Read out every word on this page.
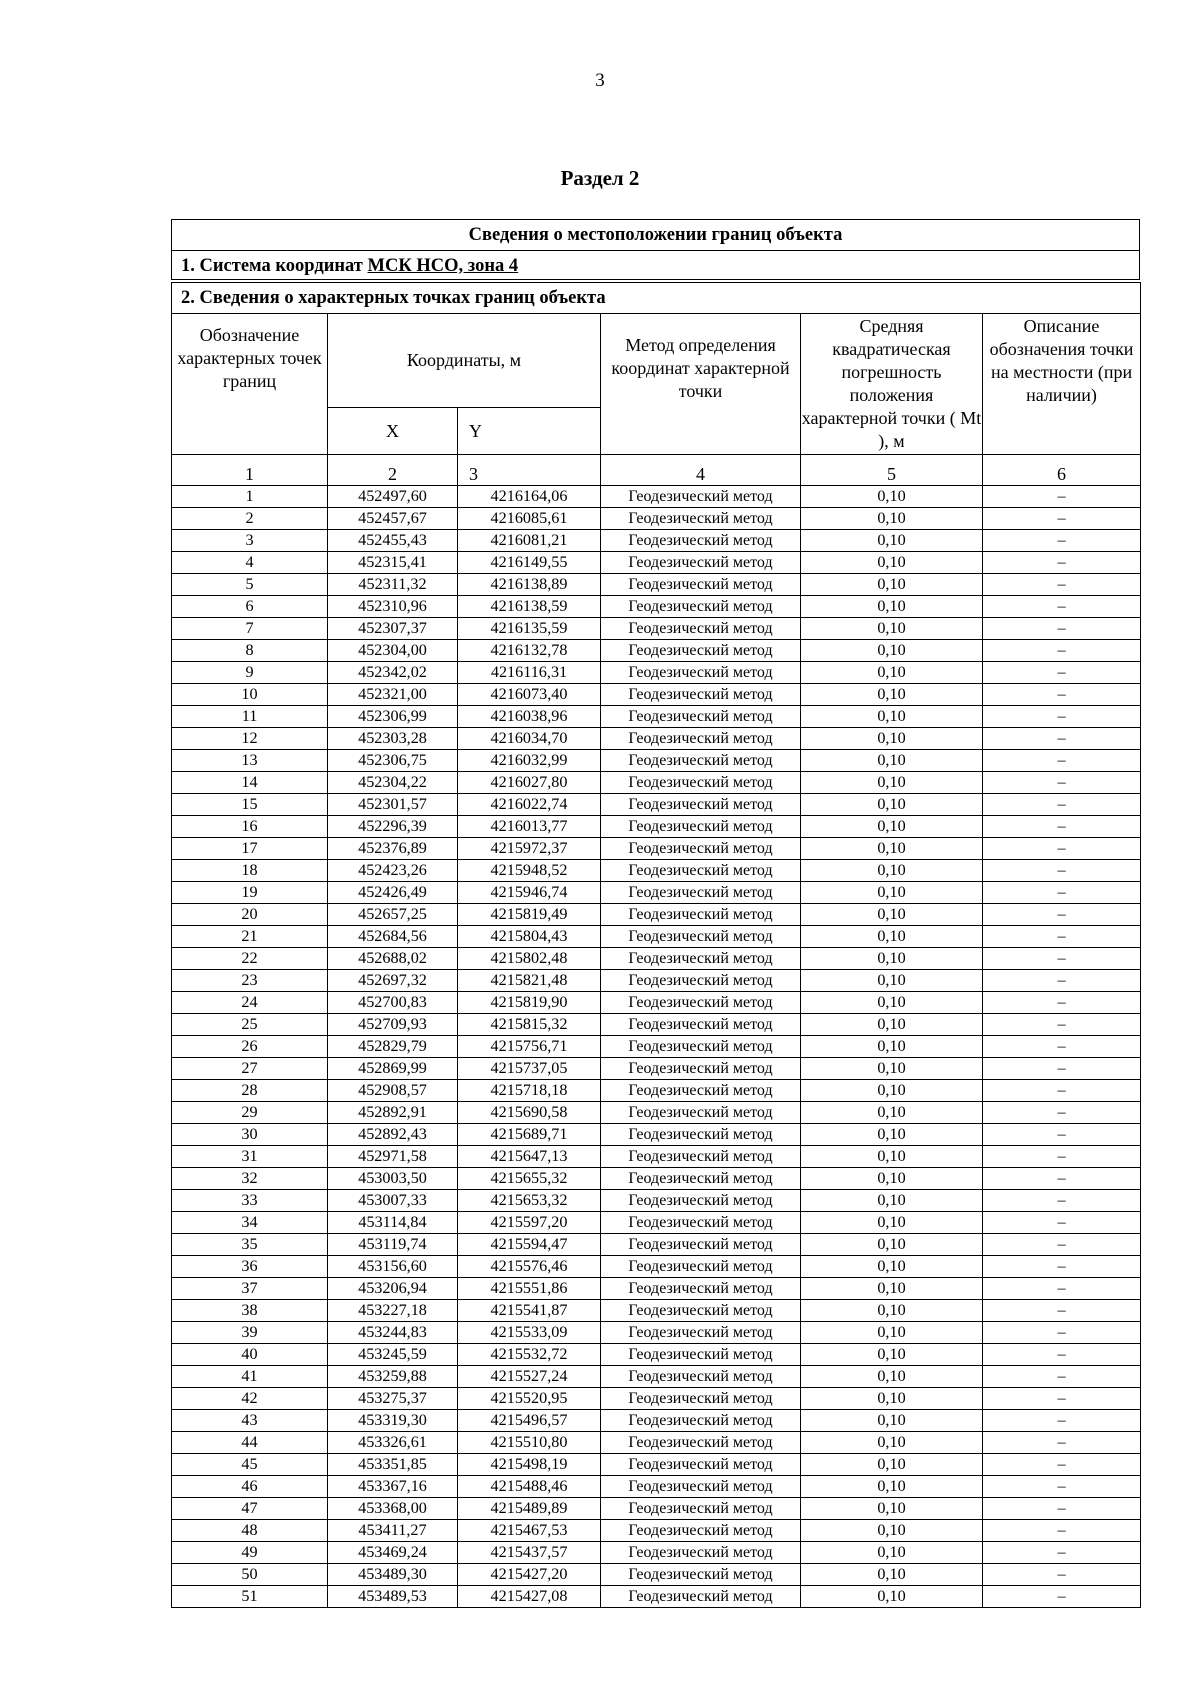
3
Раздел 2
Сведения о местоположении границ объекта
1. Система координат МСК НСО, зона 4
2. Сведения о характерных точках границ объекта					
Обозначение характерных точек границ	Координаты, м		Метод определения координат характерной точки	Средняя квадратическая погрешность положения характерной точки ( Mt ), м	Описание обозначения точки на местности (при наличии)
	X	Y			
1	2	3	4	5	6
1	452497,60	4216164,06	Геодезический метод	0,10	–
2	452457,67	4216085,61	Геодезический метод	0,10	–
3	452455,43	4216081,21	Геодезический метод	0,10	–
4	452315,41	4216149,55	Геодезический метод	0,10	–
5	452311,32	4216138,89	Геодезический метод	0,10	–
6	452310,96	4216138,59	Геодезический метод	0,10	–
7	452307,37	4216135,59	Геодезический метод	0,10	–
8	452304,00	4216132,78	Геодезический метод	0,10	–
9	452342,02	4216116,31	Геодезический метод	0,10	–
10	452321,00	4216073,40	Геодезический метод	0,10	–
11	452306,99	4216038,96	Геодезический метод	0,10	–
12	452303,28	4216034,70	Геодезический метод	0,10	–
13	452306,75	4216032,99	Геодезический метод	0,10	–
14	452304,22	4216027,80	Геодезический метод	0,10	–
15	452301,57	4216022,74	Геодезический метод	0,10	–
16	452296,39	4216013,77	Геодезический метод	0,10	–
17	452376,89	4215972,37	Геодезический метод	0,10	–
18	452423,26	4215948,52	Геодезический метод	0,10	–
19	452426,49	4215946,74	Геодезический метод	0,10	–
20	452657,25	4215819,49	Геодезический метод	0,10	–
21	452684,56	4215804,43	Геодезический метод	0,10	–
22	452688,02	4215802,48	Геодезический метод	0,10	–
23	452697,32	4215821,48	Геодезический метод	0,10	–
24	452700,83	4215819,90	Геодезический метод	0,10	–
25	452709,93	4215815,32	Геодезический метод	0,10	–
26	452829,79	4215756,71	Геодезический метод	0,10	–
27	452869,99	4215737,05	Геодезический метод	0,10	–
28	452908,57	4215718,18	Геодезический метод	0,10	–
29	452892,91	4215690,58	Геодезический метод	0,10	–
30	452892,43	4215689,71	Геодезический метод	0,10	–
31	452971,58	4215647,13	Геодезический метод	0,10	–
32	453003,50	4215655,32	Геодезический метод	0,10	–
33	453007,33	4215653,32	Геодезический метод	0,10	–
34	453114,84	4215597,20	Геодезический метод	0,10	–
35	453119,74	4215594,47	Геодезический метод	0,10	–
36	453156,60	4215576,46	Геодезический метод	0,10	–
37	453206,94	4215551,86	Геодезический метод	0,10	–
38	453227,18	4215541,87	Геодезический метод	0,10	–
39	453244,83	4215533,09	Геодезический метод	0,10	–
40	453245,59	4215532,72	Геодезический метод	0,10	–
41	453259,88	4215527,24	Геодезический метод	0,10	–
42	453275,37	4215520,95	Геодезический метод	0,10	–
43	453319,30	4215496,57	Геодезический метод	0,10	–
44	453326,61	4215510,80	Геодезический метод	0,10	–
45	453351,85	4215498,19	Геодезический метод	0,10	–
46	453367,16	4215488,46	Геодезический метод	0,10	–
47	453368,00	4215489,89	Геодезический метод	0,10	–
48	453411,27	4215467,53	Геодезический метод	0,10	–
49	453469,24	4215437,57	Геодезический метод	0,10	–
50	453489,30	4215427,20	Геодезический метод	0,10	–
51	453489,53	4215427,08	Геодезический метод	0,10	–
